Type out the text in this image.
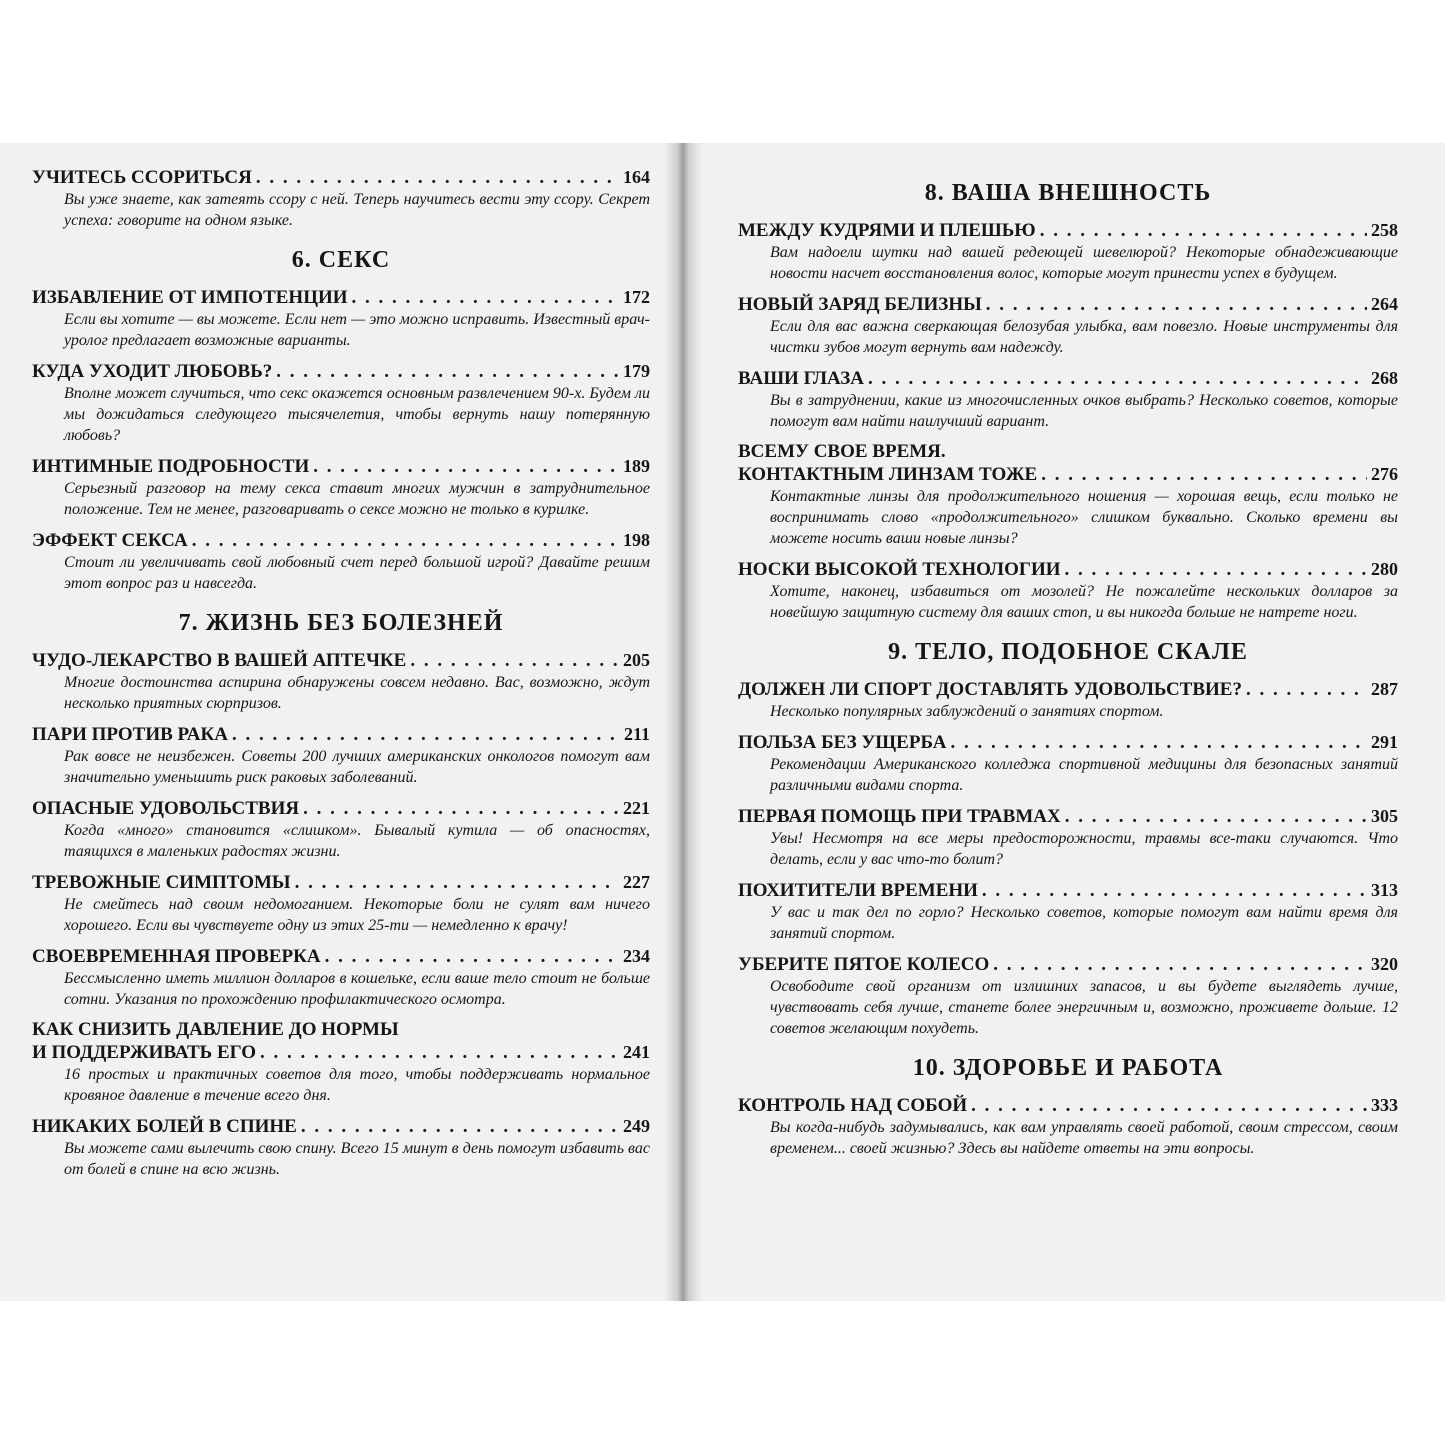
УЧИТЕСЬ ССОРИТЬСЯ . . .	164
Вы уже знаете, как затеять ссору с ней. Теперь научитесь вести эту ссору. Секрет успеха: говорите на одном языке.
6. СЕКС
ИЗБАВЛЕНИЕ ОТ ИМПОТЕНЦИИ . . .	172
Если вы хотите — вы можете. Если нет — это можно исправить. Известный врач-уролог предлагает возможные варианты.
КУДА УХОДИТ ЛЮБОВЬ? . . .	179
Вполне может случиться, что секс окажется основным развлечением 90-х. Будем ли мы дожидаться следующего тысячелетия, чтобы вернуть нашу потерянную любовь?
ИНТИМНЫЕ ПОДРОБНОСТИ . . .	189
Серьезный разговор на тему секса ставит многих мужчин в затруднительное положение. Тем не менее, разговаривать о сексе можно не только в курилке.
ЭФФЕКТ СЕКСА . . .	198
Стоит ли увеличивать свой любовный счет перед большой игрой? Давайте решим этот вопрос раз и навсегда.
7. ЖИЗНЬ БЕЗ БОЛЕЗНЕЙ
ЧУДО-ЛЕКАРСТВО В ВАШЕЙ АПТЕЧКЕ . . .	205
Многие достоинства аспирина обнаружены совсем недавно. Вас, возможно, ждут несколько приятных сюрпризов.
ПАРИ ПРОТИВ РАКА . . .	211
Рак вовсе не неизбежен. Советы 200 лучших американских онкологов помогут вам значительно уменьшить риск раковых заболеваний.
ОПАСНЫЕ УДОВОЛЬСТВИЯ . . .	221
Когда «много» становится «слишком». Бывалый кутила — об опасностях, таящихся в маленьких радостях жизни.
ТРЕВОЖНЫЕ СИМПТОМЫ . . .	227
Не смейтесь над своим недомоганием. Некоторые боли не сулят вам ничего хорошего. Если вы чувствуете одну из этих 25-ти — немедленно к врачу!
СВОЕВРЕМЕННАЯ ПРОВЕРКА . . .	234
Бессмысленно иметь миллион долларов в кошельке, если ваше тело стоит не больше сотни. Указания по прохождению профилактического осмотра.
КАК СНИЗИТЬ ДАВЛЕНИЕ ДО НОРМЫ
И ПОДДЕРЖИВАТЬ ЕГО . . .	241
16 простых и практичных советов для того, чтобы поддерживать нормальное кровяное давление в течение всего дня.
НИКАКИХ БОЛЕЙ В СПИНЕ . . .	249
Вы можете сами вылечить свою спину. Всего 15 минут в день помогут избавить вас от болей в спине на всю жизнь.
8. ВАША ВНЕШНОСТЬ
МЕЖДУ КУДРЯМИ И ПЛЕШЬЮ . . .	258
Вам надоели шутки над вашей редеющей шевелюрой? Некоторые обнадеживающие новости насчет восстановления волос, которые могут принести успех в будущем.
НОВЫЙ ЗАРЯД БЕЛИЗНЫ . . .	264
Если для вас важна сверкающая белозубая улыбка, вам повезло. Новые инструменты для чистки зубов могут вернуть вам надежду.
ВАШИ ГЛАЗА . . .	268
Вы в затруднении, какие из многочисленных очков выбрать? Несколько советов, которые помогут вам найти наилучший вариант.
ВСЕМУ СВОЕ ВРЕМЯ.
КОНТАКТНЫМ ЛИНЗАМ ТОЖЕ . . .	276
Контактные линзы для продолжительного ношения — хорошая вещь, если только не воспринимать слово «продолжительного» слишком буквально. Сколько времени вы можете носить ваши новые линзы?
НОСКИ ВЫСОКОЙ ТЕХНОЛОГИИ . . .	280
Хотите, наконец, избавиться от мозолей? Не пожалейте нескольких долларов за новейшую защитную систему для ваших стоп, и вы никогда больше не натрете ноги.
9. ТЕЛО, ПОДОБНОЕ СКАЛЕ
ДОЛЖЕН ЛИ СПОРТ ДОСТАВЛЯТЬ УДОВОЛЬСТВИЕ? . . .	287
Несколько популярных заблуждений о занятиях спортом.
ПОЛЬЗА БЕЗ УЩЕРБА . . .	291
Рекомендации Американского колледжа спортивной медицины для безопасных занятий различными видами спорта.
ПЕРВАЯ ПОМОЩЬ ПРИ ТРАВМАХ . . .	305
Увы! Несмотря на все меры предосторожности, травмы все-таки случаются. Что делать, если у вас что-то болит?
ПОХИТИТЕЛИ ВРЕМЕНИ . . .	313
У вас и так дел по горло? Несколько советов, которые помогут вам найти время для занятий спортом.
УБЕРИТЕ ПЯТОЕ КОЛЕСО . . .	320
Освободите свой организм от излишних запасов, и вы будете выглядеть лучше, чувствовать себя лучше, станете более энергичным и, возможно, проживете дольше. 12 советов желающим похудеть.
10. ЗДОРОВЬЕ И РАБОТА
КОНТРОЛЬ НАД СОБОЙ . . .	333
Вы когда-нибудь задумывались, как вам управлять своей работой, своим стрессом, своим временем... своей жизнью? Здесь вы найдете ответы на эти вопросы.
